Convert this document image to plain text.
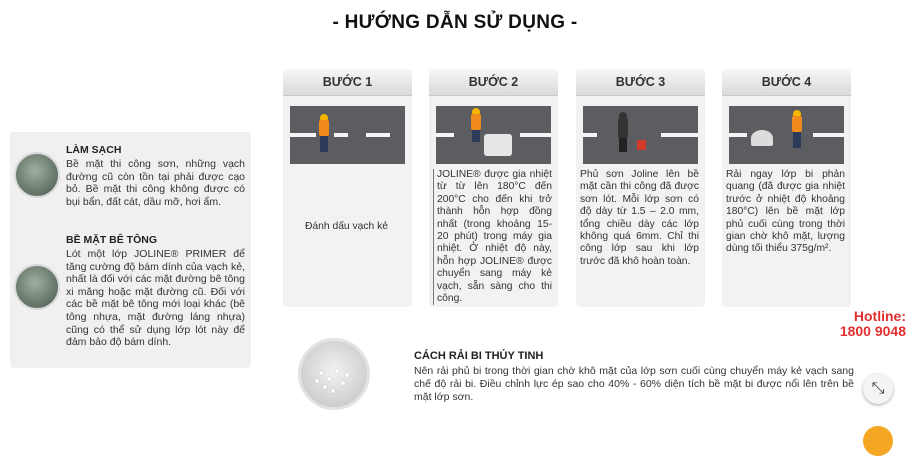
- HƯỚNG DẪN SỬ DỤNG -
LÀM SẠCH
Bề mặt thi công sơn, những vạch đường cũ còn tồn tại phải được cạo bỏ. Bề mặt thi công không được có bụi bẩn, đất cát, dầu mỡ, hơi ẩm.
BỀ MẶT BÊ TÔNG
Lót một lớp JOLINE® PRIMER để tăng cường độ bám dính của vạch kẻ, nhất là đối với các mặt đường bê tông xi măng hoặc mặt đường cũ. Đối với các bề mặt bê tông mới loại khác (bê tông nhựa, mặt đường láng nhựa) cũng có thể sử dụng lớp lót này để đảm bảo độ bám dính.
BƯỚC 1
Đánh dấu vạch kẻ
BƯỚC 2
JOLINE® được gia nhiệt từ từ lên 180°C đến 200°C cho đến khi trở thành hỗn hợp đồng nhất (trong khoảng 15-20 phút) trong máy gia nhiệt. Ở nhiệt độ này, hỗn hợp JOLINE® được chuyển sang máy kẻ vạch, sẵn sàng cho thi công.
BƯỚC 3
Phủ sơn Joline lên bề mặt cần thi công đã được sơn lót. Mỗi lớp sơn có độ dày từ 1.5 – 2.0 mm, tổng chiều dày các lớp không quá 6mm. Chỉ thi công lớp sau khi lớp trước đã khô hoàn toàn.
BƯỚC 4
Rải ngay lớp bi phản quang (đã được gia nhiệt trước ở nhiệt độ khoảng 180°C) lên bề mặt lớp phủ cuối cùng trong thời gian chờ khô mặt, lượng dùng tối thiểu 375g/m².
Hotline:
1800 9048
CÁCH RẢI BI THỦY TINH
Nên rải phủ bi trong thời gian chờ khô mặt của lớp sơn cuối cùng chuyển máy kẻ vạch sang chế độ rải bi. Điều chỉnh lực ép sao cho 40% - 60% diện tích bề mặt bi được nổi lên trên bề mặt lớp sơn.	⤡
